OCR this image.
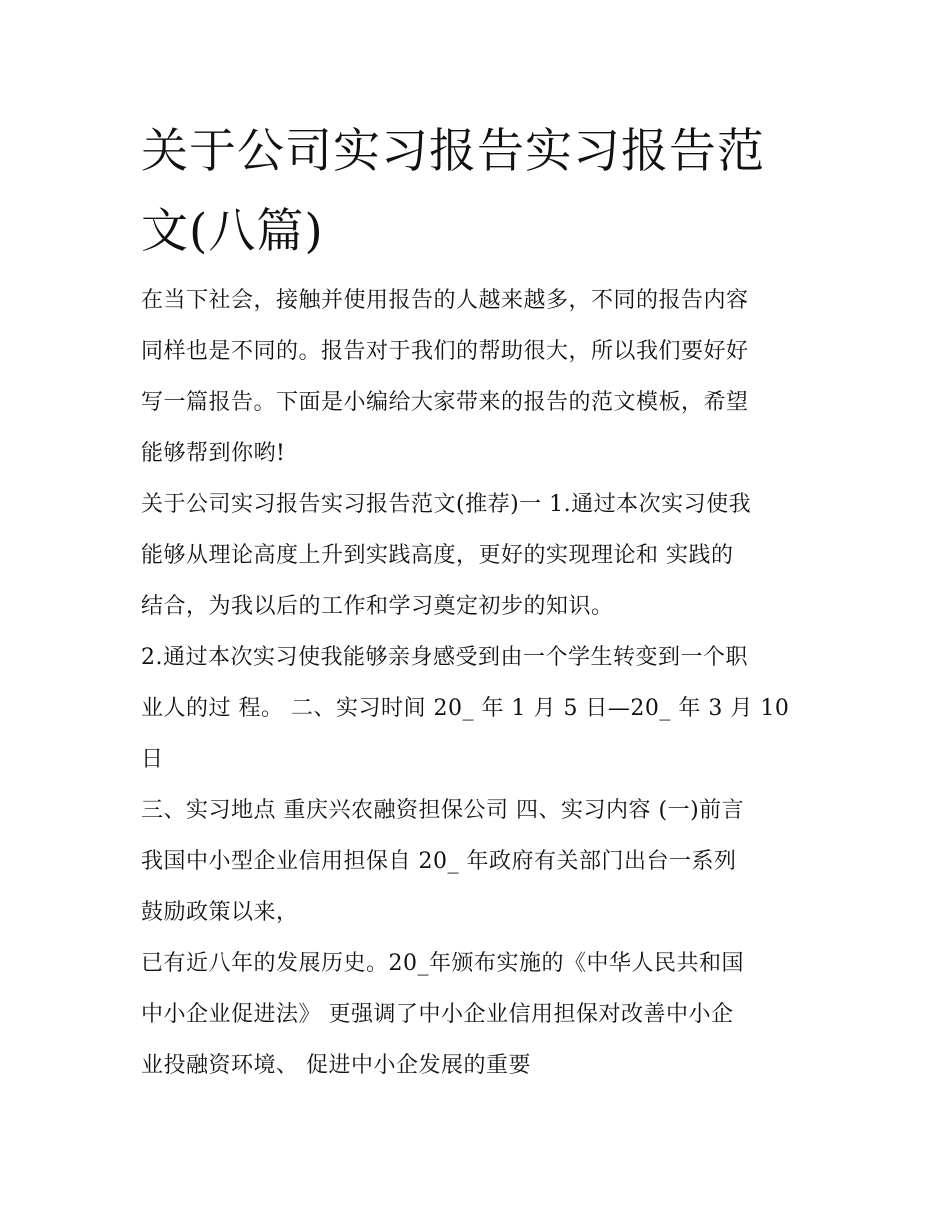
关于公司实习报告实习报告范
文(八篇)

在当下社会，接触并使用报告的人越来越多，不同的报告内容
同样也是不同的。报告对于我们的帮助很大，所以我们要好好
写一篇报告。下面是小编给大家带来的报告的范文模板，希望
能够帮到你哟!

关于公司实习报告实习报告范文(推荐)一 1.通过本次实习使我
能够从理论高度上升到实践高度，更好的实现理论和 实践的
结合，为我以后的工作和学习奠定初步的知识。

2.通过本次实习使我能够亲身感受到由一个学生转变到一个职
业人的过 程。 二、实习时间 20_ 年 1 月 5 日—20_ 年 3 月 10
日

三、实习地点 重庆兴农融资担保公司 四、实习内容 (一)前言
我国中小型企业信用担保自 20_ 年政府有关部门出台一系列
鼓励政策以来，

已有近八年的发展历史。20_年颁布实施的《中华人民共和国
中小企业促进法》 更强调了中小企业信用担保对改善中小企
业投融资环境、 促进中小企发展的重要
